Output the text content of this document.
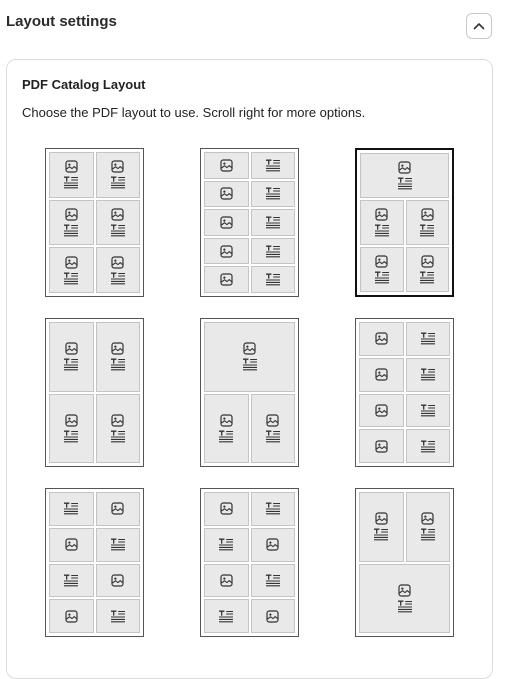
Layout settings
PDF Catalog Layout
Choose the PDF layout to use. Scroll right for more options.
